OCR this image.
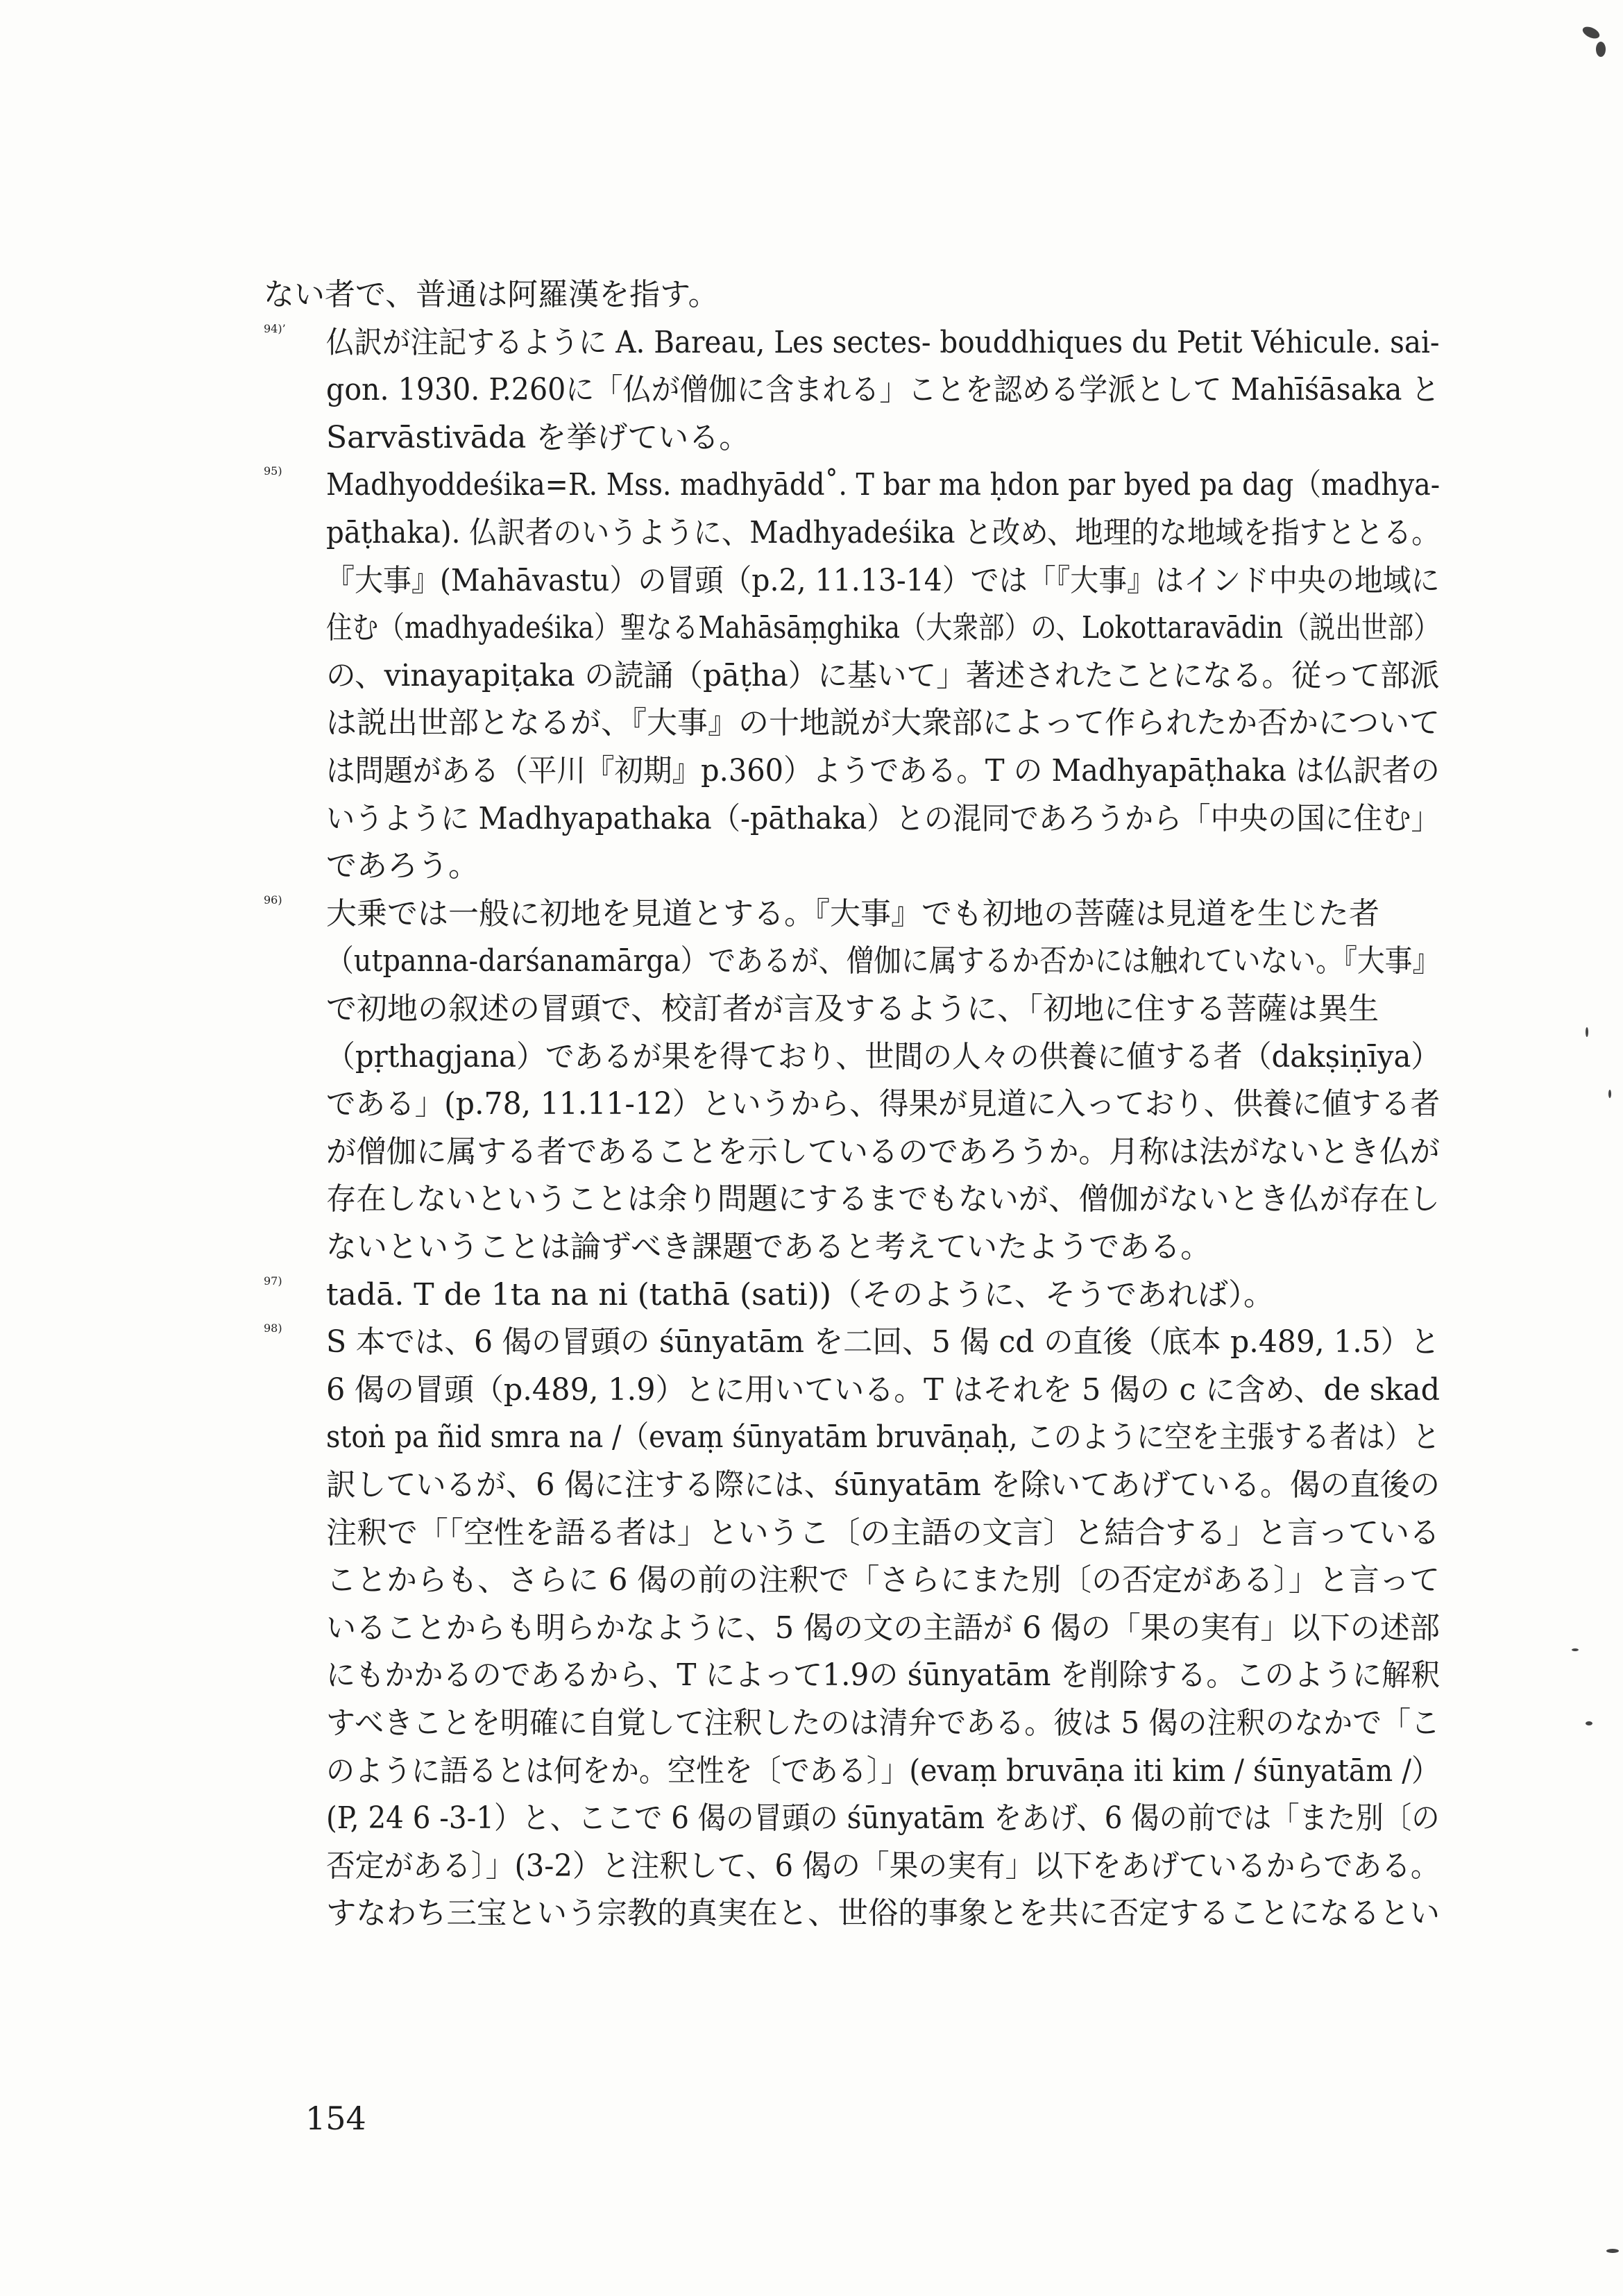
ない者で、普通は阿羅漢を指す。
94)’ 仏訳が注記するように A. Bareau, Les sectes- bouddhiques du Petit Véhicule. sai-
gon. 1930. P.260に「仏が僧伽に含まれる」ことを認める学派として Mahīśāsaka と
Sarvāstivāda を挙げている。
95) Madhyoddeśika=R. Mss. madhyādd˚. T bar ma ḥdon par byed pa dag（madhya-
pāṭhaka). 仏訳者のいうように、Madhyadeśika と改め、地理的な地域を指すととる。
『大事』(Mahāvastu）の冒頭（p.2, 11.13-14）では「『大事』はインド中央の地域に
住む（madhyadeśika）聖なるMahāsāṃghika（大衆部）の、Lokottaravādin（説出世部）
の、vinayapiṭaka の読誦（pāṭha）に基いて」著述されたことになる。従って部派
は説出世部となるが、『大事』の十地説が大衆部によって作られたか否かについて
は問題がある（平川『初期』p.360）ようである。T の Madhyapāṭhaka は仏訳者の
いうように Madhyapathaka（-pāthaka）との混同であろうから「中央の国に住む」
であろう。
96) 大乗では一般に初地を見道とする。『大事』でも初地の菩薩は見道を生じた者
（utpanna-darśanamārga）であるが、僧伽に属するか否かには触れていない。『大事』
で初地の叙述の冒頭で、校訂者が言及するように、「初地に住する菩薩は異生
（pṛthagjana）であるが果を得ており、世間の人々の供養に値する者（dakṣiṇīya）
である」(p.78, 11.11-12）というから、得果が見道に入っており、供養に値する者
が僧伽に属する者であることを示しているのであろうか。月称は法がないとき仏が
存在しないということは余り問題にするまでもないが、僧伽がないとき仏が存在し
ないということは論ずべき課題であると考えていたようである。
97) tadā. T de 1ta na ni (tathā (sati))（そのように、そうであれば）。
98) S 本では、6 偈の冒頭の śūnyatām を二回、5 偈 cd の直後（底本 p.489, 1.5）と
6 偈の冒頭（p.489, 1.9）とに用いている。T はそれを 5 偈の c に含め、de skad
stoṅ pa ñid smra na /（evaṃ śūnyatām bruvāṇaḥ, このように空を主張する者は）と
訳しているが、6 偈に注する際には、śūnyatām を除いてあげている。偈の直後の
注釈で「「空性を語る者は」というこ〔の主語の文言〕と結合する」と言っている
ことからも、さらに 6 偈の前の注釈で「さらにまた別〔の否定がある〕」と言って
いることからも明らかなように、5 偈の文の主語が 6 偈の「果の実有」以下の述部
にもかかるのであるから、T によって1.9の śūnyatām を削除する。このように解釈
すべきことを明確に自覚して注釈したのは清弁である。彼は 5 偈の注釈のなかで「こ
のように語るとは何をか。空性を〔である〕」(evaṃ bruvāṇa iti kim / śūnyatām /）
(P, 24 6 -3-1）と、ここで 6 偈の冒頭の śūnyatām をあげ、6 偈の前では「また別〔の
否定がある〕」(3-2）と注釈して、6 偈の「果の実有」以下をあげているからである。
すなわち三宝という宗教的真実在と、世俗的事象とを共に否定することになるとい
154
